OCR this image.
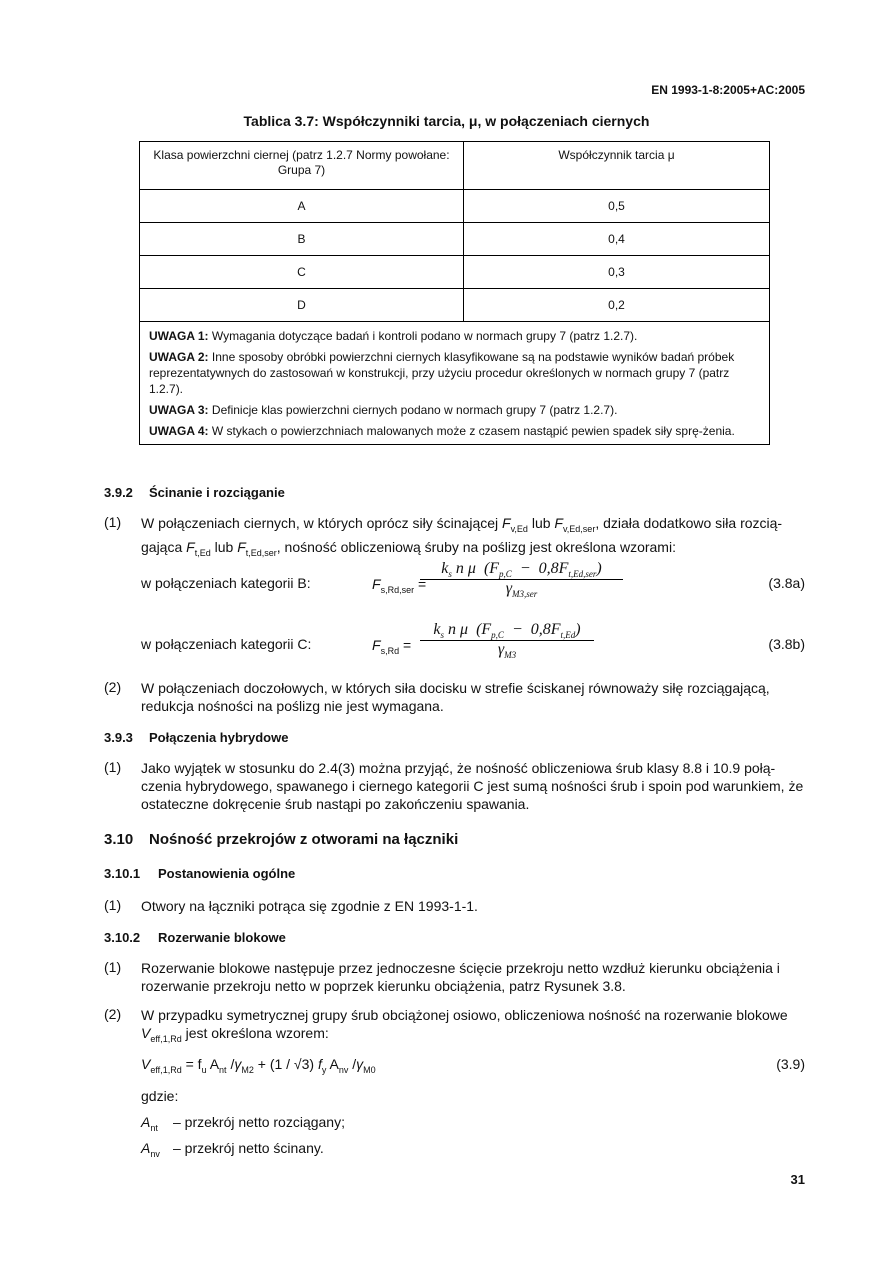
EN 1993-1-8:2005+AC:2005
Tablica 3.7: Współczynniki tarcia, μ, w połączeniach ciernych
Klasa powierzchni ciernej (patrz 1.2.7 Normy powołane: Grupa 7)	Współczynnik tarcia μ
A	0,5
B	0,4
C	0,3
D	0,2

UWAGA 1: Wymagania dotyczące badań i kontroli podano w normach grupy 7 (patrz 1.2.7).

UWAGA 2: Inne sposoby obróbki powierzchni ciernych klasyfikowane są na podstawie wyników badań próbek reprezentatywnych do zastosowań w konstrukcji, przy użyciu procedur określonych w normach grupy 7 (patrz 1.2.7).

UWAGA 3: Definicje klas powierzchni ciernych podano w normach grupy 7 (patrz 1.2.7).

UWAGA 4: W stykach o powierzchniach malowanych może z czasem nastąpić pewien spadek siły sprę-żenia.	

3.9.2 Ścinanie i rozciąganie
(1) W połączeniach ciernych, w których oprócz siły ścinającej $F_{v,Ed}$ lub $F_{v,Ed,ser}$, działa dodatkowo siła rozcią-gająca $F_{t,Ed}$ lub $F_{t,Ed,ser}$, nośność obliczeniową śruby na poślizg jest określona wzorami:
w połączeniach kategorii B:	$F_{s,Rd,ser}$ =
$k_s$ n μ  $(F_{p,C} - 0,8F_{t,Ed,ser})$
$\gamma_{M3,ser}$
(3.8a)
w połączeniach kategorii C:	$F_{s,Rd}$ =
$k_s$ n μ  $(F_{p,C} - 0,8F_{t,Ed})$
$\gamma_{M3}$
(3.8b)
(2) W połączeniach doczołowych, w których siła docisku w strefie ściskanej równoważy siłę rozciągającą, redukcja nośności na poślizg nie jest wymagana.
3.9.3 Połączenia hybrydowe
(1) Jako wyjątek w stosunku do 2.4(3) można przyjąć, że nośność obliczeniowa śrub klasy 8.8 i 10.9 połą-czenia hybrydowego, spawanego i ciernego kategorii C jest sumą nośności śrub i spoin pod warunkiem, że ostateczne dokręcenie śrub nastąpi po zakończeniu spawania.
3.10 Nośność przekrojów z otworami na łączniki
3.10.1 Postanowienia ogólne
(1) Otwory na łączniki potrąca się zgodnie z EN 1993-1-1.
3.10.2 Rozerwanie blokowe
(1) Rozerwanie blokowe następuje przez jednoczesne ścięcie przekroju netto wzdłuż kierunku obciążenia i rozerwanie przekroju netto w poprzek kierunku obciążenia, patrz Rysunek 3.8.
(2) W przypadku symetrycznej grupy śrub obciążonej osiowo, obliczeniowa nośność na rozerwanie blokowe $V_{eff,1,Rd}$ jest określona wzorem:
$V_{eff,1,Rd} = f_u$ $A_{nt}$ $/\gamma_{M2} + (1 / √3)$ $f_y$ $A_{nv}$ $/\gamma_{M0}$	(3.9)
gdzie:
$A_{nt}$ – przekrój netto rozciągany;
$A_{nv}$ – przekrój netto ścinany.
31
